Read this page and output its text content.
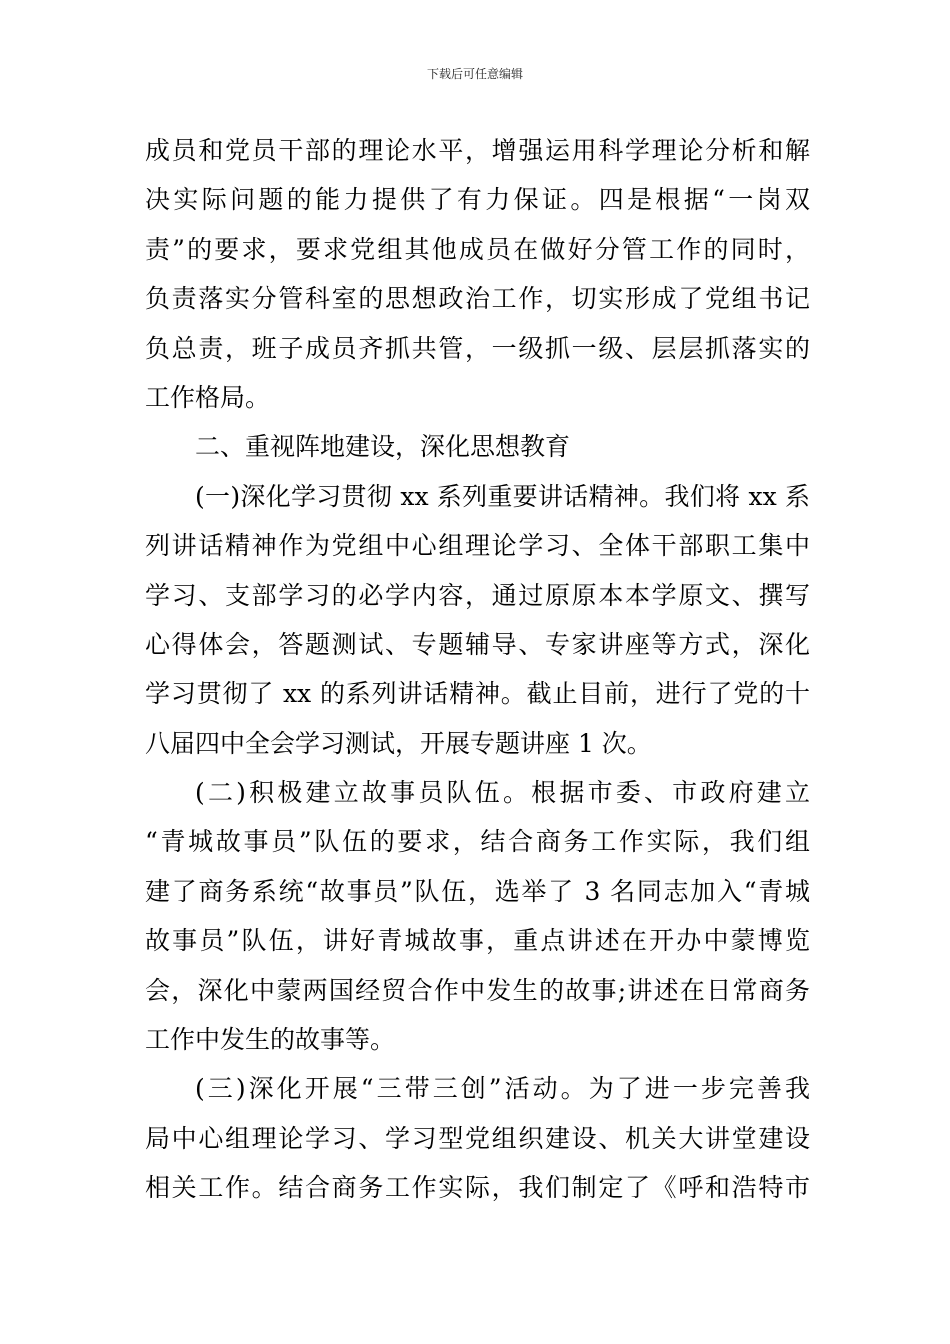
下载后可任意编辑
成员和党员干部的理论水平，增强运用科学理论分析和解
决实际问题的能力提供了有力保证。四是根据“一岗双
责”的要求，要求党组其他成员在做好分管工作的同时，
负责落实分管科室的思想政治工作，切实形成了党组书记
负总责，班子成员齐抓共管，一级抓一级、层层抓落实的
工作格局。
二、重视阵地建设，深化思想教育
(一)深化学习贯彻 xx 系列重要讲话精神。我们将 xx 系
列讲话精神作为党组中心组理论学习、全体干部职工集中
学习、支部学习的必学内容，通过原原本本学原文、撰写
心得体会，答题测试、专题辅导、专家讲座等方式，深化
学习贯彻了 xx 的系列讲话精神。截止目前，进行了党的十
八届四中全会学习测试，开展专题讲座 1 次。
(二)积极建立故事员队伍。根据市委、市政府建立
“青城故事员”队伍的要求，结合商务工作实际，我们组
建了商务系统“故事员”队伍，选举了 3 名同志加入“青城
故事员”队伍，讲好青城故事，重点讲述在开办中蒙博览
会，深化中蒙两国经贸合作中发生的故事;讲述在日常商务
工作中发生的故事等。
(三)深化开展“三带三创”活动。为了进一步完善我
局中心组理论学习、学习型党组织建设、机关大讲堂建设
相关工作。结合商务工作实际，我们制定了《呼和浩特市
